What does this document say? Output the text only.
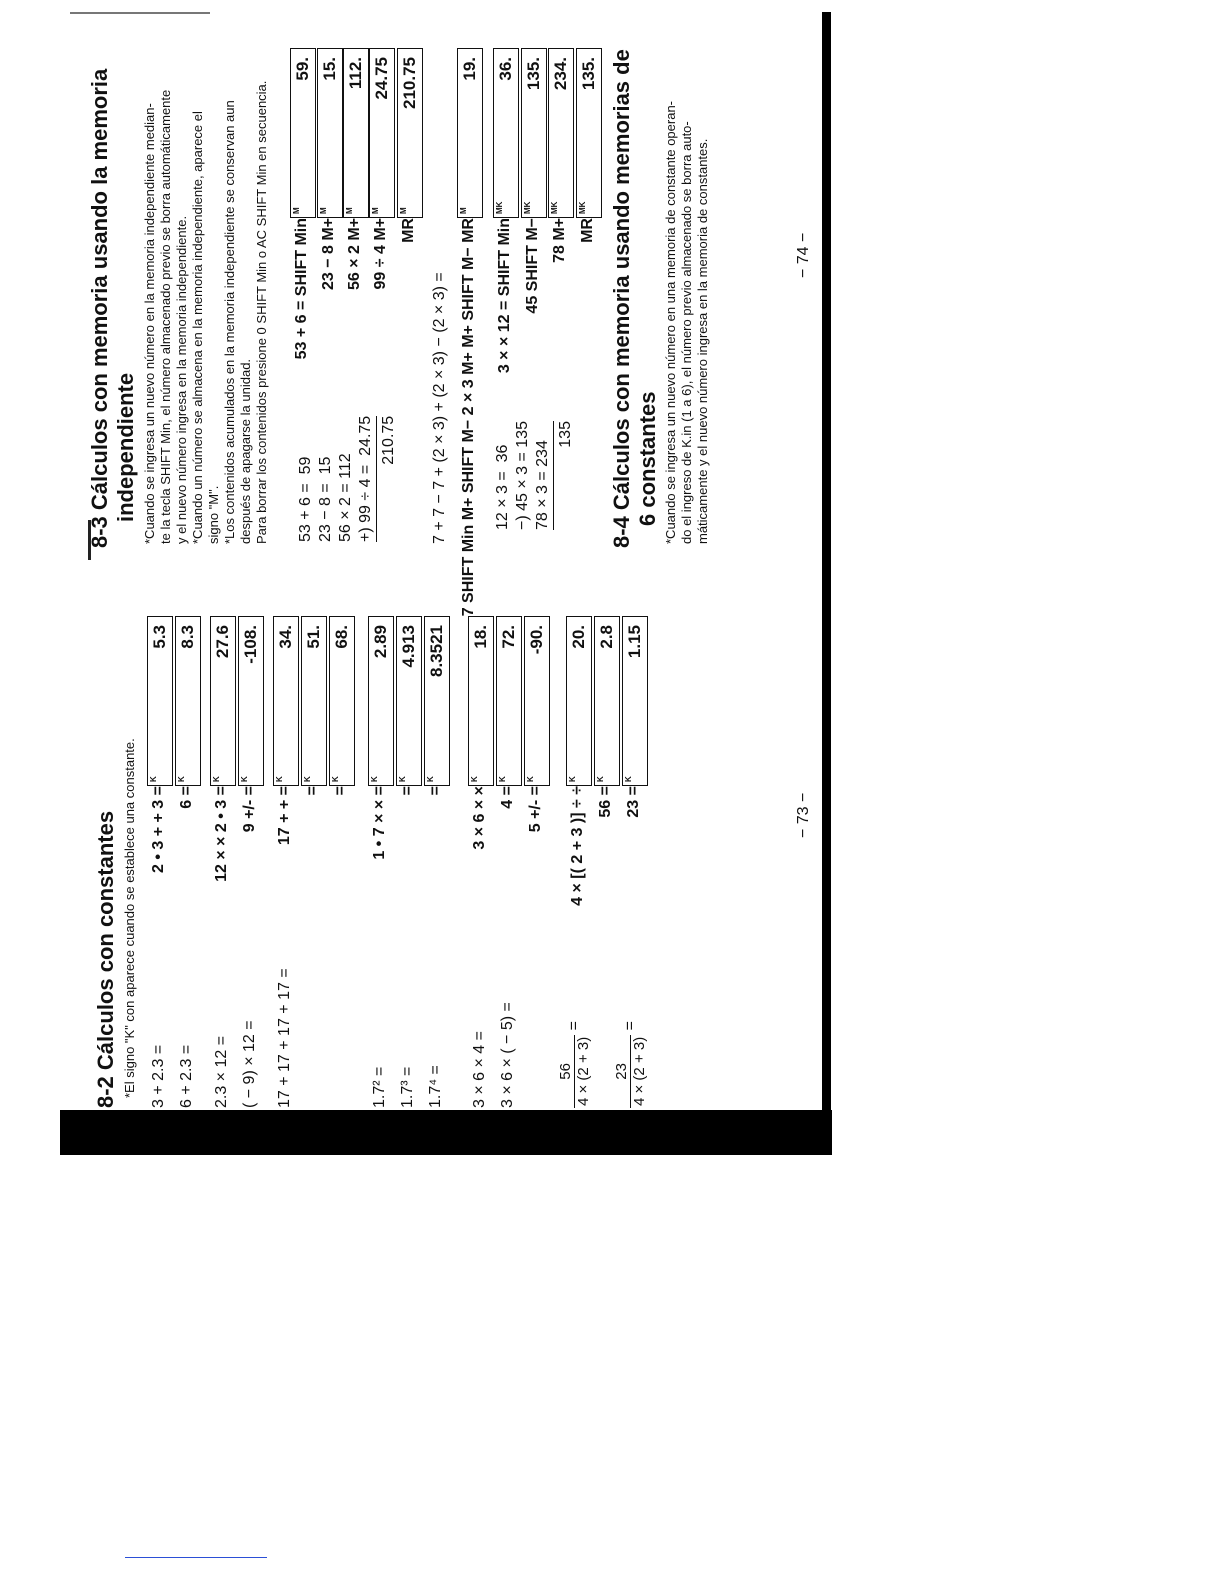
8-2 Cálculos con constantes *El signo "K" con aparece cuando se establece una constante. 3 + 2.3 =
2 • 3 + + 3 =
K
5.3
6 + 2.3 =
6 =
K
8.3
2.3 × 12 =
12 × × 2 • 3 =
K
27.6
( − 9) × 12 =
9 +/- =
K
-108.
17 + 17 + 17 + 17 =
17 + + =
K
34.
=
K
51.
=
K
68.
1.7² =
1 • 7 × × =
K
2.89
1.7³ =
=
K
4.913
1.7⁴ =
=
K
8.3521
3 × 6 × 4 =
3 × 6 × ×
K
18.
3 × 6 × ( − 5) =
4 =
K
72.
5 +/- =
K
-90.
56 4 × (2 + 3)
=
4 × [( 2 + 3 )] ÷ ÷
K
20.
56 =
K
2.8
23 4 × (2 + 3)
=
23 =
K
1.15
− 73 −
8-3 Cálculos con memoria usando la memoria independiente *Cuando se ingresa un nuevo número en la memoria independiente median- te la tecla SHIFT Min, el número almacenado previo se borra automáticamente y el nuevo número ingresa en la memoria independiente. *Cuando un número se almacena en la memoria independiente, aparece el signo "M". *Los contenidos acumulados en la memoria independiente se conservan aun después de apagarse la unidad. Para borrar los contenidos presione 0 SHIFT Min o AC SHIFT Min en secuencia. 53 + 6 =  59 23 − 8 =  15 56 × 2 = 112 +) 99 ÷ 4 =  24.75 210.75
53 + 6 = SHIFT Min
M
59.
23 − 8 M+
M
15.
56 × 2 M+
M
112.
99 ÷ 4 M+
M
24.75
MR
M
210.75
7 + 7 − 7 + (2 × 3) + (2 × 3) − (2 × 3) = 7 SHIFT Min M+ SHIFT M− 2 × 3 M+ M+ SHIFT M− MR
M
19.
12 × 3 =  36 −) 45 × 3 = 135 78 × 3 = 234
135
3 × × 12 = SHIFT Min
MK
36.
45 SHIFT M−
MK
135.
78 M+
MK
234.
MR
MK
135. 8-4 Cálculos con memoria usando memorias de 6 constantes *Cuando se ingresa un nuevo número en una memoria de constante operan- do el ingreso de K.in (1 a 6), el número previo almacenado se borra auto- máticamente y el nuevo número ingresa en la memoria de constantes.	− 74 −
